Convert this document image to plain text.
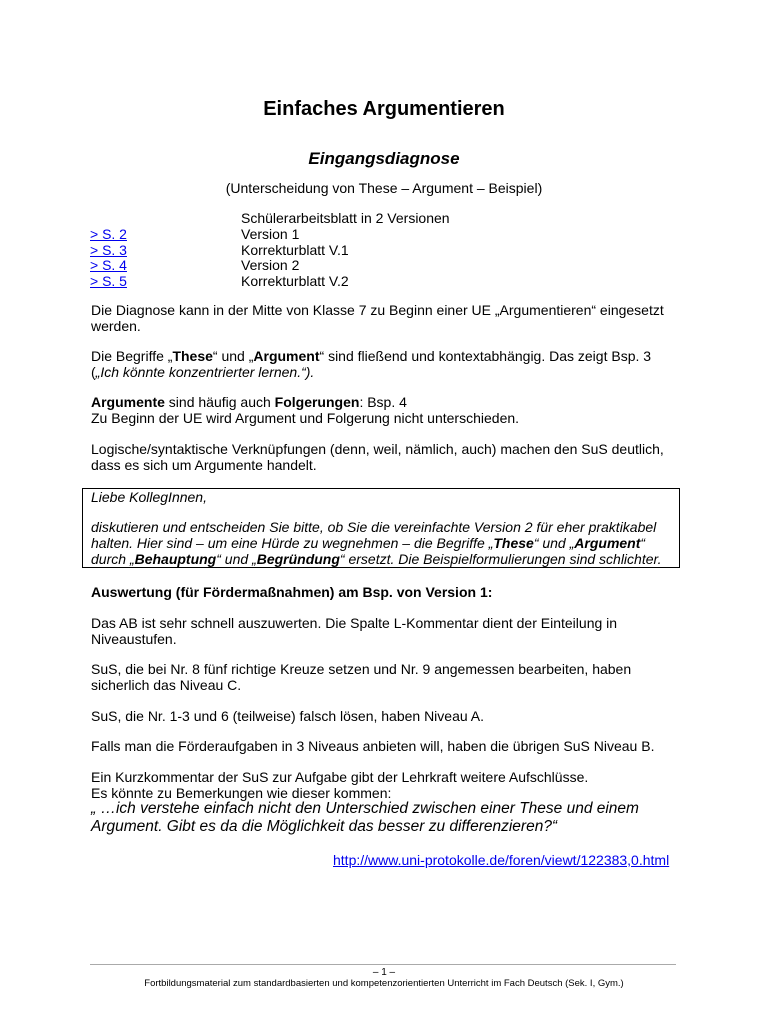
Einfaches Argumentieren
Eingangsdiagnose
(Unterscheidung von These – Argument – Beispiel)
Schülerarbeitsblatt in 2 Versionen
> S. 2	Version 1
> S. 3	Korrekturblatt V.1
> S. 4	Version 2
> S. 5	Korrekturblatt V.2
Die Diagnose kann in der Mitte von Klasse 7 zu Beginn einer UE „Argumentieren“ eingesetzt werden.
Die Begriffe „These“ und „Argument“ sind fließend und kontextabhängig. Das zeigt Bsp. 3 („Ich könnte konzentrierter lernen.“).
Argumente sind häufig auch Folgerungen: Bsp. 4
Zu Beginn der UE wird Argument und Folgerung nicht unterschieden.
Logische/syntaktische Verknüpfungen (denn, weil, nämlich, auch) machen den SuS deutlich, dass es sich um Argumente handelt.
Liebe KollegInnen,
diskutieren und entscheiden Sie bitte, ob Sie die vereinfachte Version 2 für eher praktikabel halten. Hier sind – um eine Hürde zu wegnehmen – die Begriffe „These“ und „Argument“ durch „Behauptung“ und „Begründung“ ersetzt. Die Beispielformulierungen sind schlichter.
Auswertung (für Fördermaßnahmen) am Bsp. von Version 1:
Das AB ist sehr schnell auszuwerten. Die Spalte L-Kommentar dient der Einteilung in Niveaustufen.
SuS, die bei Nr. 8 fünf richtige Kreuze setzen und Nr. 9 angemessen bearbeiten, haben sicherlich das Niveau C.
SuS, die Nr. 1-3 und 6 (teilweise) falsch lösen, haben Niveau A.
Falls man die Förderaufgaben in 3 Niveaus anbieten will, haben die übrigen SuS Niveau B.
Ein Kurzkommentar der SuS zur Aufgabe gibt der Lehrkraft weitere Aufschlüsse.
Es könnte zu Bemerkungen wie dieser kommen:
„ …ich verstehe einfach nicht den Unterschied zwischen einer These und einem Argument. Gibt es da die Möglichkeit das besser zu differenzieren?“
http://www.uni-protokolle.de/foren/viewt/122383,0.html
– 1 –
Fortbildungsmaterial zum standardbasierten und kompetenzorientierten Unterricht im Fach Deutsch (Sek. I, Gym.)
